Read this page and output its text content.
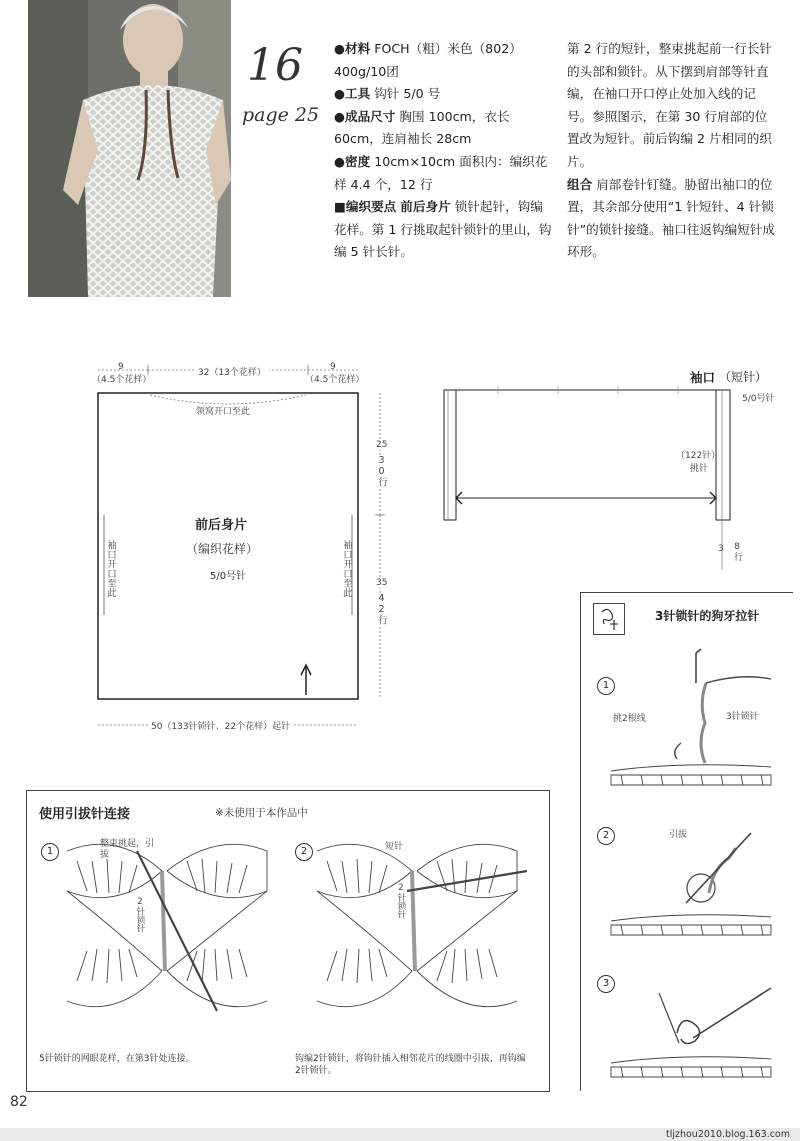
16
page 25

●材料 FOCH（粗）米色（802）400g/10团

●工具 钩针 5/0 号

●成品尺寸 胸围 100cm，衣长 60cm，连肩袖长 28cm

●密度 10cm×10cm 面积内：编织花样 4.4 个，12 行

■编织要点 前后身片 锁针起针，钩编花样。第 1 行挑取起针锁针的里山，钩编 5 针长针。

第 2 行的短针，整束挑起前一行长针的头部和锁针。从下摆到肩部等针直编，在袖口开口停止处加入线的记号。参照图示，在第 30 行肩部的位置改为短针。前后钩编 2 片相同的织片。

组合 肩部卷针钉缝。胁留出袖口的位置，其余部分使用“1 针短针、4 针锁针”的锁针接缝。袖口往返钩编短针成环形。

9
（4.5个花样）
32（13个花样）
9
（4.5个花样）
领窝开口至此
前后身片
（编织花样）
5/0号针
袖口开口至此	袖口开口至此
25
30行
35
42行
50（133针锁针、22个花样）起针
袖口 （短针）
5/0号针
（122针）
挑针
3 8行
使用引拔针连接	※未使用于本作品中
1
整束挑起，引拔
2针锁针
2	短针
2针锁针
5针锁针的网眼花样，在第3针处连接。	钩编2针锁针，将钩针插入相邻花片的线圈中引拔，再钩编2针锁针。
3针锁针的狗牙拉针
1
挑2根线	3针锁针
2	引拔
3
82
tljzhou2010.blog.163.com
